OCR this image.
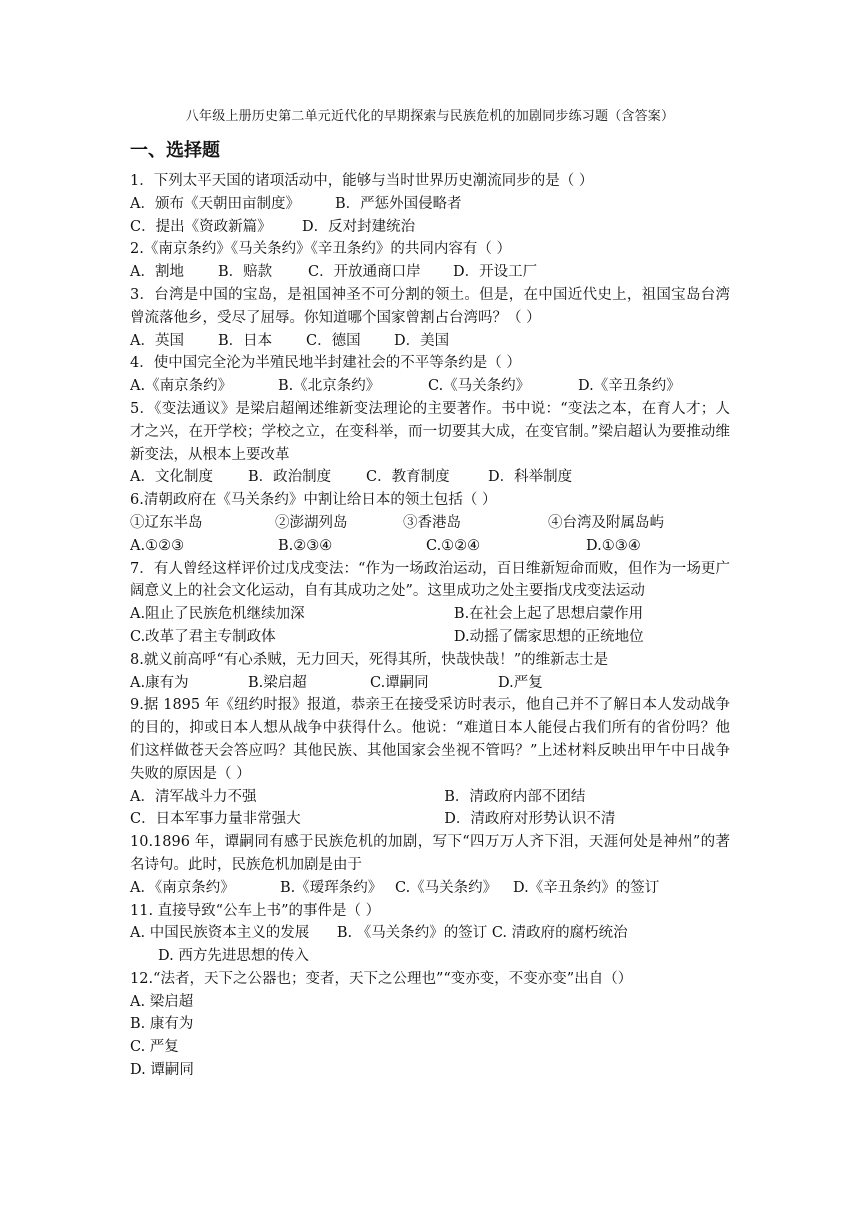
八年级上册历史第二单元近代化的早期探索与民族危机的加剧同步练习题（含答案）
一、选择题

1．下列太平天国的诸项活动中，能够与当时世界历史潮流同步的是（ ）

A．颁布《天朝田亩制度》	B．严惩外国侵略者
C．提出《资政新篇》	D．反对封建统治

2.《南京条约》《马关条约》《辛丑条约》的共同内容有（ ）

A．割地	B．赔款	C．开放通商口岸	D．开设工厂

3．台湾是中国的宝岛，是祖国神圣不可分割的领土。但是，在中国近代史上，祖国宝岛台湾曾流落他乡，受尽了屈辱。你知道哪个国家曾割占台湾吗？（ ）

A．英国	B．日本	C．德国	D．美国

4．使中国完全沦为半殖民地半封建社会的不平等条约是（ ）

A.《南京条约》	B.《北京条约》	C.《马关条约》	D.《辛丑条约》

5．《变法通议》是梁启超阐述维新变法理论的主要著作。书中说：“变法之本，在育人才；人才之兴，在开学校；学校之立，在变科举，而一切要其大成，在变官制。”梁启超认为要推动维新变法，从根本上要改革

A．文化制度	B．政治制度	C．教育制度	D．科举制度

6.清朝政府在《马关条约》中割让给日本的领土包括（ ）

①辽东半岛	②澎湖列岛	③香港岛	④台湾及附属岛屿
A.①②③	B.②③④	C.①②④	D.①③④

7．有人曾经这样评价过戊戌变法：“作为一场政治运动，百日维新短命而败，但作为一场更广阔意义上的社会文化运动，自有其成功之处”。这里成功之处主要指戊戌变法运动

A.阻止了民族危机继续加深	B.在社会上起了思想启蒙作用
C.改革了君主专制政体	D.动摇了儒家思想的正统地位

8.就义前高呼“有心杀贼，无力回天，死得其所，快哉快哉！”的维新志士是

A.康有为	B.梁启超	C.谭嗣同	D.严复

9.据 1895 年《纽约时报》报道，恭亲王在接受采访时表示，他自己并不了解日本人发动战争的目的，抑或日本人想从战争中获得什么。他说：“难道日本人能侵占我们所有的省份吗？他们这样做苍天会答应吗？其他民族、其他国家会坐视不管吗？”上述材料反映出甲午中日战争失败的原因是（ ）

A．清军战斗力不强	B．清政府内部不团结
C．日本军事力量非常强大	D．清政府对形势认识不清

10.1896 年，谭嗣同有感于民族危机的加剧，写下“四万万人齐下泪，天涯何处是神州”的著名诗句。此时，民族危机加剧是由于

A．《南京条约》	B.《瑷珲条约》 C.《马关条约》	D.《辛丑条约》的签订

11. 直接导致“公车上书”的事件是（ ）

A. 中国民族资本主义的发展      B. 《马关条约》的签订 C. 清政府的腐朽统治
D. 西方先进思想的传入

12.“法者，天下之公器也；变者，天下之公理也”“变亦变，不变亦变”出自（）

A. 梁启超
B. 康有为
C. 严复
D. 谭嗣同
